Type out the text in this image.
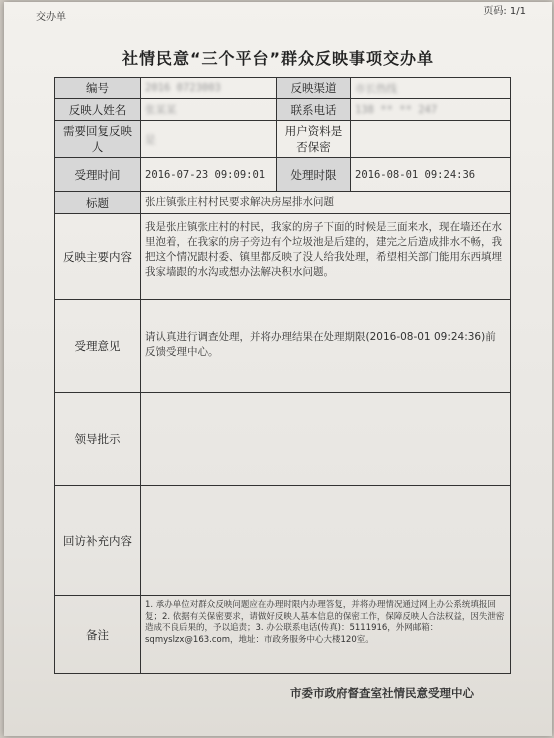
交办单
页码: 1/1
社情民意“三个平台”群众反映事项交办单
编号	2016 0723003	反映渠道	市长热线
反映人姓名	张某某	联系电话	138 ** ** 247
需要回复反映人	是	用户资料是否保密	
受理时间	2016-07-23 09:09:01	处理时限	2016-08-01 09:24:36
标题	张庄镇张庄村村民要求解决房屋排水问题		
反映主要内容	我是张庄镇张庄村的村民，我家的房子下面的时候是三面来水，现在墙还在水里泡着，在我家的房子旁边有个垃圾池是后建的，建完之后造成排水不畅，我把这个情况跟村委、镇里都反映了没人给我处理，希望相关部门能用东西填埋我家墙跟的水沟或想办法解决积水问题。		
受理意见	请认真进行调查处理，并将办理结果在处理期限(2016-08-01 09:24:36)前反馈受理中心。		
领导批示			
回访补充内容			
备注	1. 承办单位对群众反映问题应在办理时限内办理答复，并将办理情况通过网上办公系统填报回复；2. 依据有关保密要求，请做好反映人基本信息的保密工作，保障反映人合法权益，因失泄密造成不良后果的，予以追责；3. 办公联系电话(传真)：5111916，外网邮箱：sqmyslzx@163.com，地址：市政务服务中心大楼120室。		
市委市政府督查室社情民意受理中心
